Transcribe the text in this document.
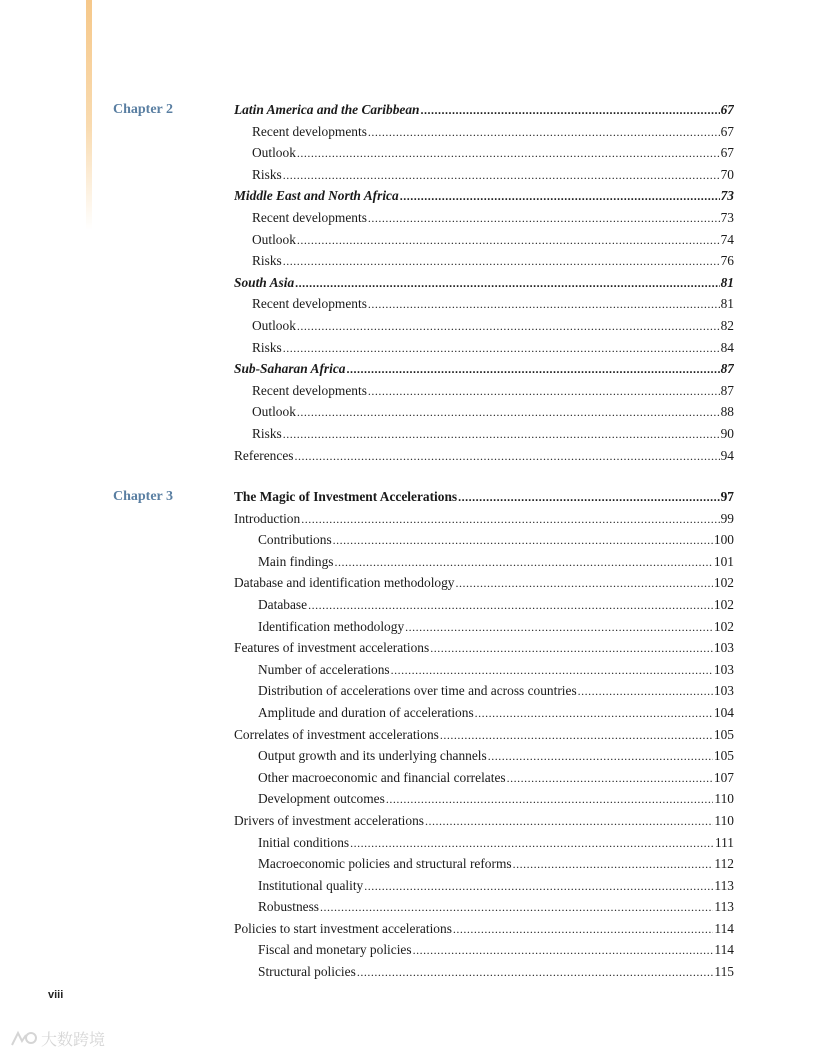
Chapter 2	Latin America and the Caribbean .....	67
Recent developments .....	67
Outlook .....	67
Risks .....	70
Middle East and North Africa .....	73
Recent developments .....	73
Outlook .....	74
Risks .....	76
South Asia .....	81
Recent developments .....	81
Outlook .....	82
Risks .....	84
Sub-Saharan Africa .....	87
Recent developments .....	87
Outlook .....	88
Risks .....	90
References .....	94
Chapter 3	The Magic of Investment Accelerations .....	97
Introduction .....	99
Contributions .....	100
Main findings .....	101
Database and identification methodology .....	102
Database .....	102
Identification methodology .....	102
Features of investment accelerations .....	103
Number of accelerations .....	103
Distribution of accelerations over time and across countries .....	103
Amplitude and duration of accelerations .....	104
Correlates of investment accelerations .....	105
Output growth and its underlying channels .....	105
Other macroeconomic and financial correlates .....	107
Development outcomes .....	110
Drivers of investment accelerations .....	110
Initial conditions .....	111
Macroeconomic policies and structural reforms .....	112
Institutional quality .....	113
Robustness .....	113
Policies to start investment accelerations .....	114
Fiscal and monetary policies .....	114
Structural policies .....	115
viii
大数跨境
